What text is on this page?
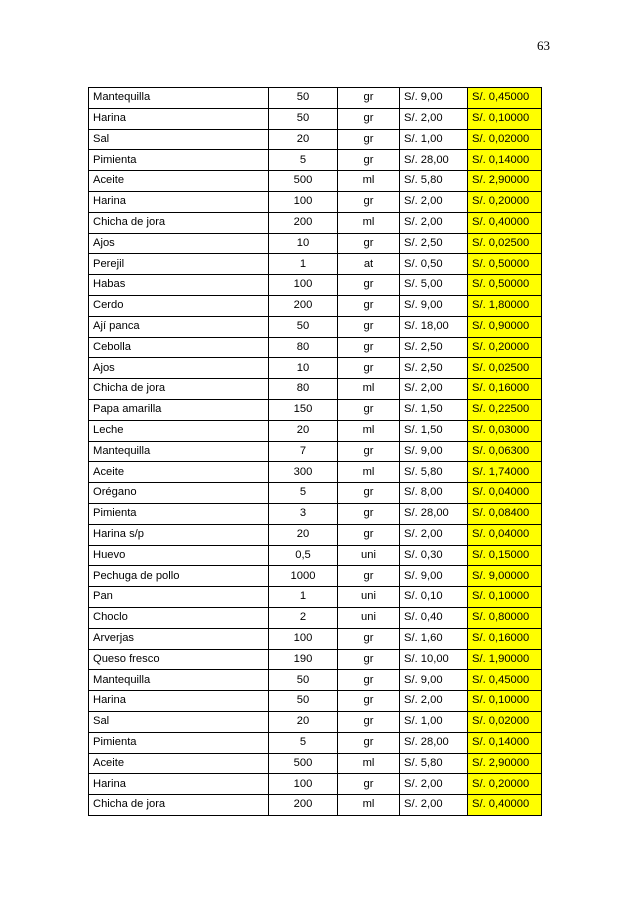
63
Mantequilla	50	gr	S/. 9,00	S/. 0,45000
Harina	50	gr	S/. 2,00	S/. 0,10000
Sal	20	gr	S/. 1,00	S/. 0,02000
Pimienta	5	gr	S/. 28,00	S/. 0,14000
Aceite	500	ml	S/. 5,80	S/. 2,90000
Harina	100	gr	S/. 2,00	S/. 0,20000
Chicha de jora	200	ml	S/. 2,00	S/. 0,40000
Ajos	10	gr	S/. 2,50	S/. 0,02500
Perejil	1	at	S/. 0,50	S/. 0,50000
Habas	100	gr	S/. 5,00	S/. 0,50000
Cerdo	200	gr	S/. 9,00	S/. 1,80000
Ají panca	50	gr	S/. 18,00	S/. 0,90000
Cebolla	80	gr	S/. 2,50	S/. 0,20000
Ajos	10	gr	S/. 2,50	S/. 0,02500
Chicha de jora	80	ml	S/. 2,00	S/. 0,16000
Papa amarilla	150	gr	S/. 1,50	S/. 0,22500
Leche	20	ml	S/. 1,50	S/. 0,03000
Mantequilla	7	gr	S/. 9,00	S/. 0,06300
Aceite	300	ml	S/. 5,80	S/. 1,74000
Orégano	5	gr	S/. 8,00	S/. 0,04000
Pimienta	3	gr	S/. 28,00	S/. 0,08400
Harina s/p	20	gr	S/. 2,00	S/. 0,04000
Huevo	0,5	uni	S/. 0,30	S/. 0,15000
Pechuga de pollo	1000	gr	S/. 9,00	S/. 9,00000
Pan	1	uni	S/. 0,10	S/. 0,10000
Choclo	2	uni	S/. 0,40	S/. 0,80000
Arverjas	100	gr	S/. 1,60	S/. 0,16000
Queso fresco	190	gr	S/. 10,00	S/. 1,90000
Mantequilla	50	gr	S/. 9,00	S/. 0,45000
Harina	50	gr	S/. 2,00	S/. 0,10000
Sal	20	gr	S/. 1,00	S/. 0,02000
Pimienta	5	gr	S/. 28,00	S/. 0,14000
Aceite	500	ml	S/. 5,80	S/. 2,90000
Harina	100	gr	S/. 2,00	S/. 0,20000
Chicha de jora	200	ml	S/. 2,00	S/. 0,40000
